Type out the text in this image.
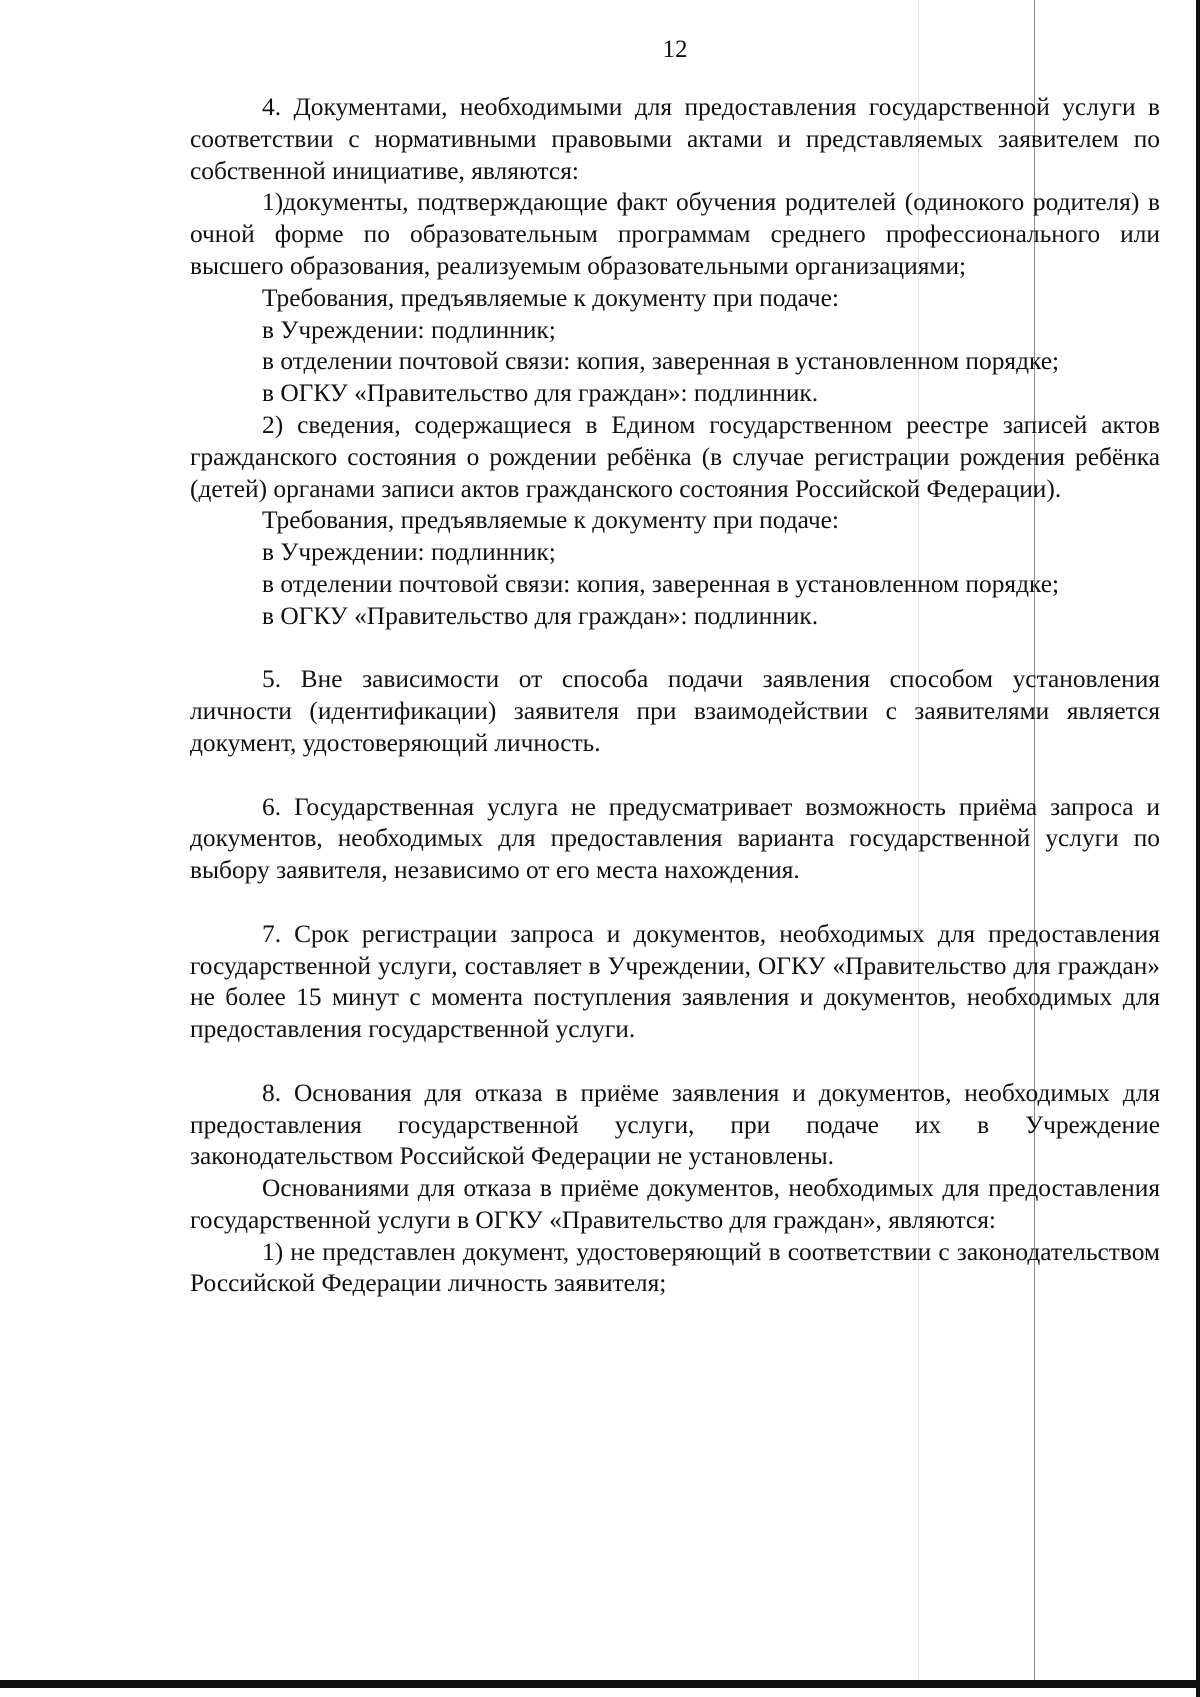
12

4. Документами, необходимыми для предоставления государственной услуги в соответствии с нормативными правовыми актами и представляемых заявителем по собственной инициативе, являются:

1)документы, подтверждающие факт обучения родителей (одинокого родителя) в очной форме по образовательным программам среднего профессионального или высшего образования, реализуемым образовательными организациями;

Требования, предъявляемые к документу при подаче:

в Учреждении: подлинник;

в отделении почтовой связи: копия, заверенная в установленном порядке;

в ОГКУ «Правительство для граждан»: подлинник.

2) сведения, содержащиеся в Едином государственном реестре записей актов гражданского состояния о рождении ребёнка (в случае регистрации рождения ребёнка (детей) органами записи актов гражданского состояния Российской Федерации).

Требования, предъявляемые к документу при подаче:

в Учреждении: подлинник;

в отделении почтовой связи: копия, заверенная в установленном порядке;

в ОГКУ «Правительство для граждан»: подлинник.

5. Вне зависимости от способа подачи заявления способом установления личности (идентификации) заявителя при взаимодействии с заявителями является документ, удостоверяющий личность.

6. Государственная услуга не предусматривает возможность приёма запроса и документов, необходимых для предоставления варианта государственной услуги по выбору заявителя, независимо от его места нахождения.

7. Срок регистрации запроса и документов, необходимых для предоставления государственной услуги, составляет в Учреждении, ОГКУ «Правительство для граждан» не более 15 минут с момента поступления заявления и документов, необходимых для предоставления государственной услуги.

8. Основания для отказа в приёме заявления и документов, необходимых для предоставления государственной услуги, при подаче их в Учреждение законодательством Российской Федерации не установлены.

Основаниями для отказа в приёме документов, необходимых для предоставления государственной услуги в ОГКУ «Правительство для граждан», являются:

1) не представлен документ, удостоверяющий в соответствии с законодательством Российской Федерации личность заявителя;
